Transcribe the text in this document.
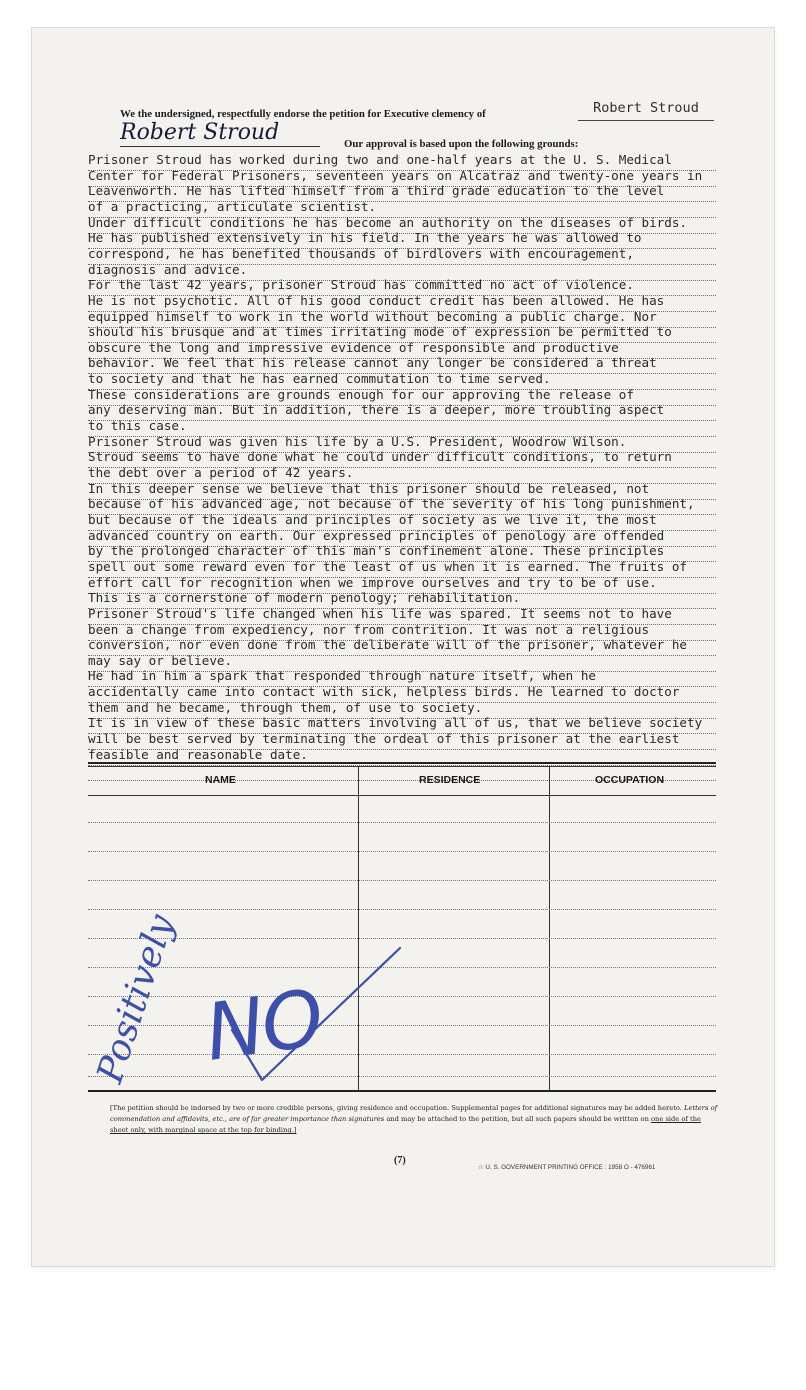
We the undersigned, respectfully endorse the petition for Executive clemency of	Robert Stroud
Robert Stroud	Our approval is based upon the following grounds:
Prisoner Stroud has worked during two and one-half years at the U. S. Medical
Center for Federal Prisoners, seventeen years on Alcatraz and twenty-one years in
Leavenworth. He has lifted himself from a third grade education to the level
of a practicing, articulate scientist.
Under difficult conditions he has become an authority on the diseases of birds.
He has published extensively in his field. In the years he was allowed to
correspond, he has benefited thousands of birdlovers with encouragement,
diagnosis and advice.
For the last 42 years, prisoner Stroud has committed no act of violence.
He is not psychotic. All of his good conduct credit has been allowed. He has
equipped himself to work in the world without becoming a public charge. Nor
should his brusque and at times irritating mode of expression be permitted to
obscure the long and impressive evidence of responsible and productive
behavior. We feel that his release cannot any longer be considered a threat
to society and that he has earned commutation to time served.
These considerations are grounds enough for our approving the release of
any deserving man. But in addition, there is a deeper, more troubling aspect
to this case.
Prisoner Stroud was given his life by a U.S. President, Woodrow Wilson.
Stroud seems to have done what he could under difficult conditions, to return
the debt over a period of 42 years.
In this deeper sense we believe that this prisoner should be released, not
because of his advanced age, not because of the severity of his long punishment,
but because of the ideals and principles of society as we live it, the most
advanced country on earth. Our expressed principles of penology are offended
by the prolonged character of this man's confinement alone. These principles
spell out some reward even for the least of us when it is earned. The fruits of
effort call for recognition when we improve ourselves and try to be of use.
This is a cornerstone of modern penology; rehabilitation.
Prisoner Stroud's life changed when his life was spared. It seems not to have
been a change from expediency, nor from contrition. It was not a religious
conversion, nor even done from the deliberate will of the prisoner, whatever he
may say or believe.
He had in him a spark that responded through nature itself, when he
accidentally came into contact with sick, helpless birds. He learned to doctor
them and he became, through them, of use to society.
It is in view of these basic matters involving all of us, that we believe society
will be best served by terminating the ordeal of this prisoner at the earliest
feasible and reasonable date.
NAME	RESIDENCE	OCCUPATION
Positively NO
[The petition should be indorsed by two or more credible persons, giving residence and occupation. Supplemental pages for additional signatures may be added hereto. Letters of commendation and affidavits, etc., are of far greater importance than signatures and may be attached to the petition, but all such papers should be written on one side of the sheet only, with marginal space at the top for binding.]
(7)
☆ U. S. GOVERNMENT PRINTING OFFICE : 1958 O - 476961
